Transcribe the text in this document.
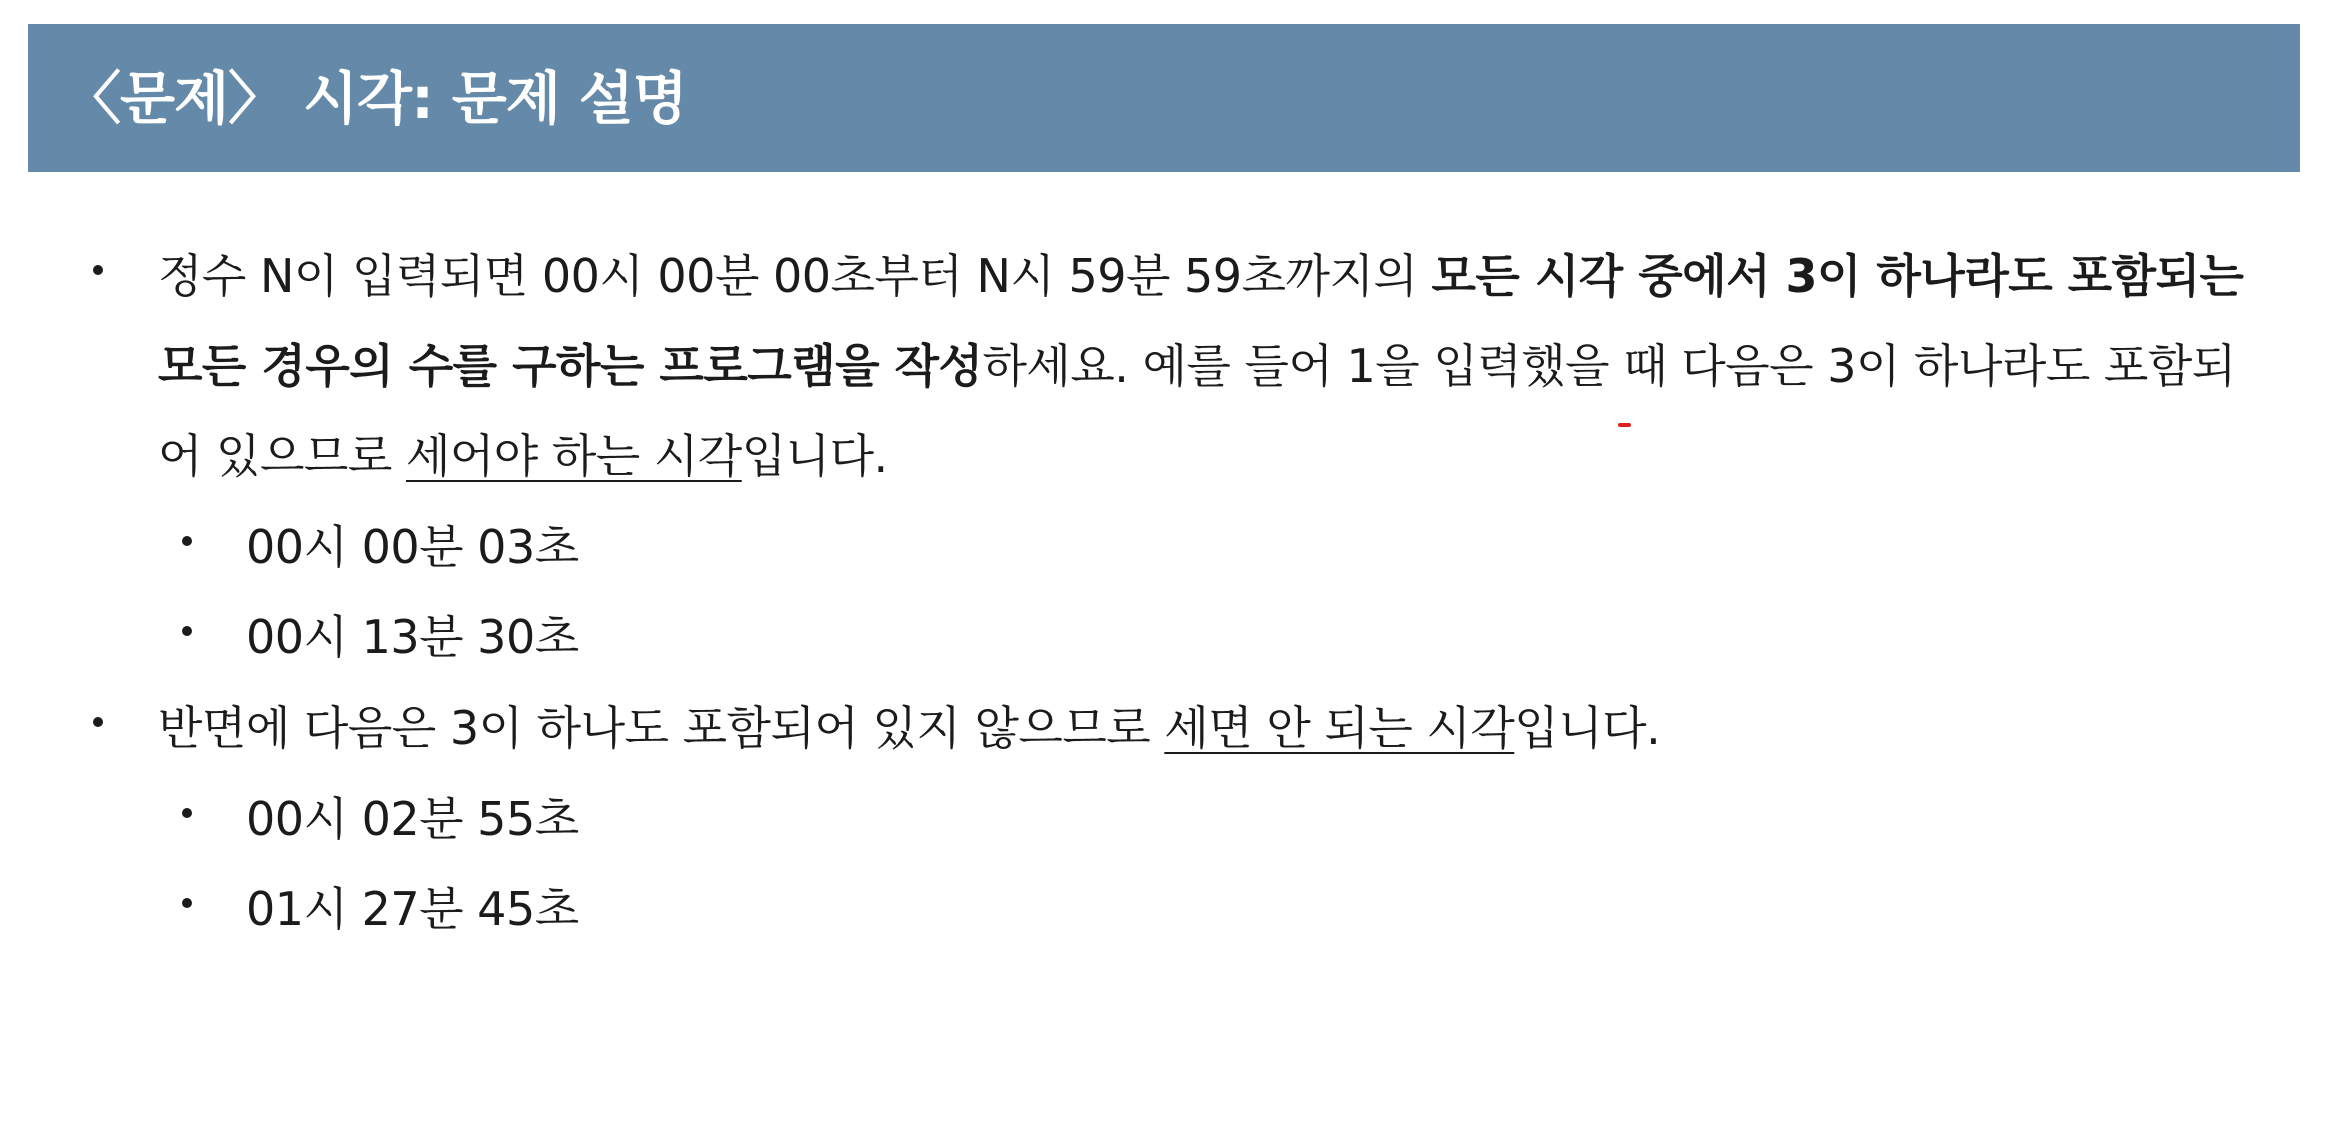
〈문제〉 시각: 문제 설명
정수 N이 입력되면 00시 00분 00초부터 N시 59분 59초까지의 모든 시각 중에서 3이 하나라도 포함되는
모든 경우의 수를 구하는 프로그램을 작성하세요. 예를 들어 1을 입력했을 때 다음은 3이 하나라도 포함되
어 있으므로 세어야 하는 시각입니다.
00시 00분 03초
00시 13분 30초
반면에 다음은 3이 하나도 포함되어 있지 않으므로 세면 안 되는 시각입니다.
00시 02분 55초
01시 27분 45초
